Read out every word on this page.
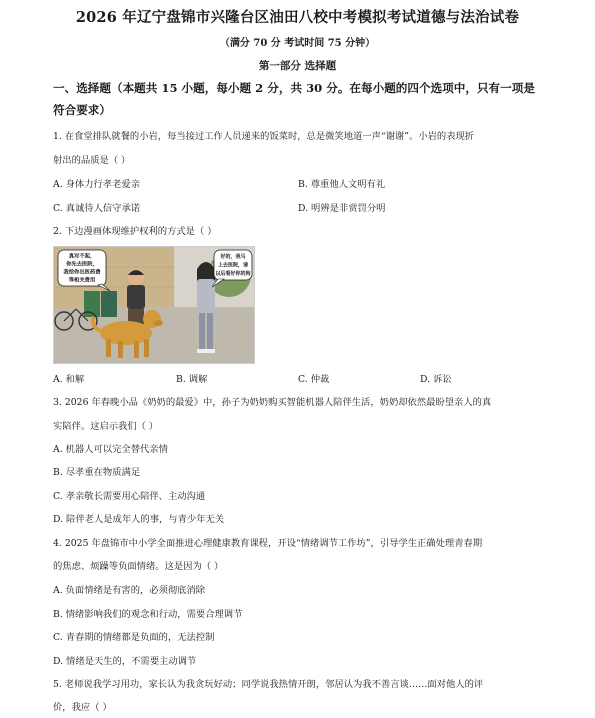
2026 年辽宁盘锦市兴隆台区油田八校中考模拟考试道德与法治试卷
（满分 70 分 考试时间 75 分钟）
第一部分 选择题
一、选择题（本题共 15 小题，每小题 2 分，共 30 分。在每小题的四个选项中，只有一项是
符合要求）
1. 在食堂排队就餐的小岩，每当接过工作人员递来的饭菜时，总是微笑地道一声“谢谢”。小岩的表现折
射出的品质是（ ）
A. 身体力行孝老爱亲	B. 尊重他人文明有礼
C. 真诚待人信守承诺	D. 明辨是非赏罚分明
2. 下边漫画体现维护权利的方式是（ ）
真对不起，
你先去医院，
我给你出医药费
等相关费用
好的，我马
上去医院，请
以后看好你的狗
A. 和解	B. 调解	C. 仲裁	D. 诉讼
3. 2026 年春晚小品《奶奶的最爱》中，孙子为奶奶购买智能机器人陪伴生活，奶奶却依然最盼望亲人的真
实陪伴。这启示我们（ ）
A. 机器人可以完全替代亲情
B. 尽孝重在物质满足
C. 孝亲敬长需要用心陪伴、主动沟通
D. 陪伴老人是成年人的事，与青少年无关
4. 2025 年盘锦市中小学全面推进心理健康教育课程，开设“情绪调节工作坊”，引导学生正确处理青春期
的焦虑、烦躁等负面情绪。这是因为（ ）
A. 负面情绪是有害的，必须彻底消除
B. 情绪影响我们的观念和行动，需要合理调节
C. 青春期的情绪都是负面的，无法控制
D. 情绪是天生的，不需要主动调节
5. 老师说我学习用功，家长认为我贪玩好动；同学说我热情开朗，邻居认为我不善言谈……面对他人的评
价，我应（ ）
